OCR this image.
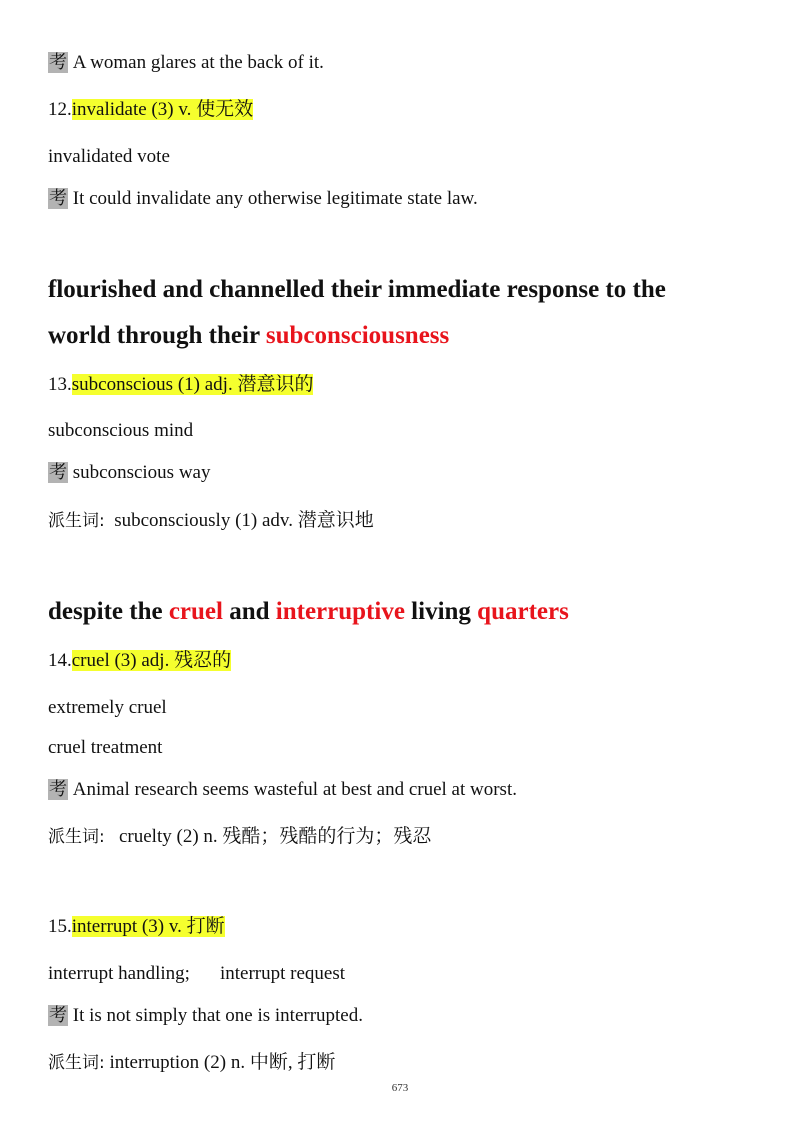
考 A woman glares at the back of it.
12.invalidate (3) v. 使无效
invalidated vote
考 It could invalidate any otherwise legitimate state law.
flourished and channelled their immediate response to the
world through their subconsciousness
13.subconscious (1) adj. 潜意识的
subconscious mind
考 subconscious way
派生词: subconsciously (1) adv. 潜意识地
despite the cruel and interruptive living quarters
14.cruel (3) adj. 残忍的
extremely cruel
cruel treatment
考 Animal research seems wasteful at best and cruel at worst.
派生词: cruelty (2) n. 残酷；残酷的行为；残忍
15.interrupt (3) v. 打断
interrupt handling; interrupt request
考 It is not simply that one is interrupted.
派生词: interruption (2) n. 中断, 打断
673
